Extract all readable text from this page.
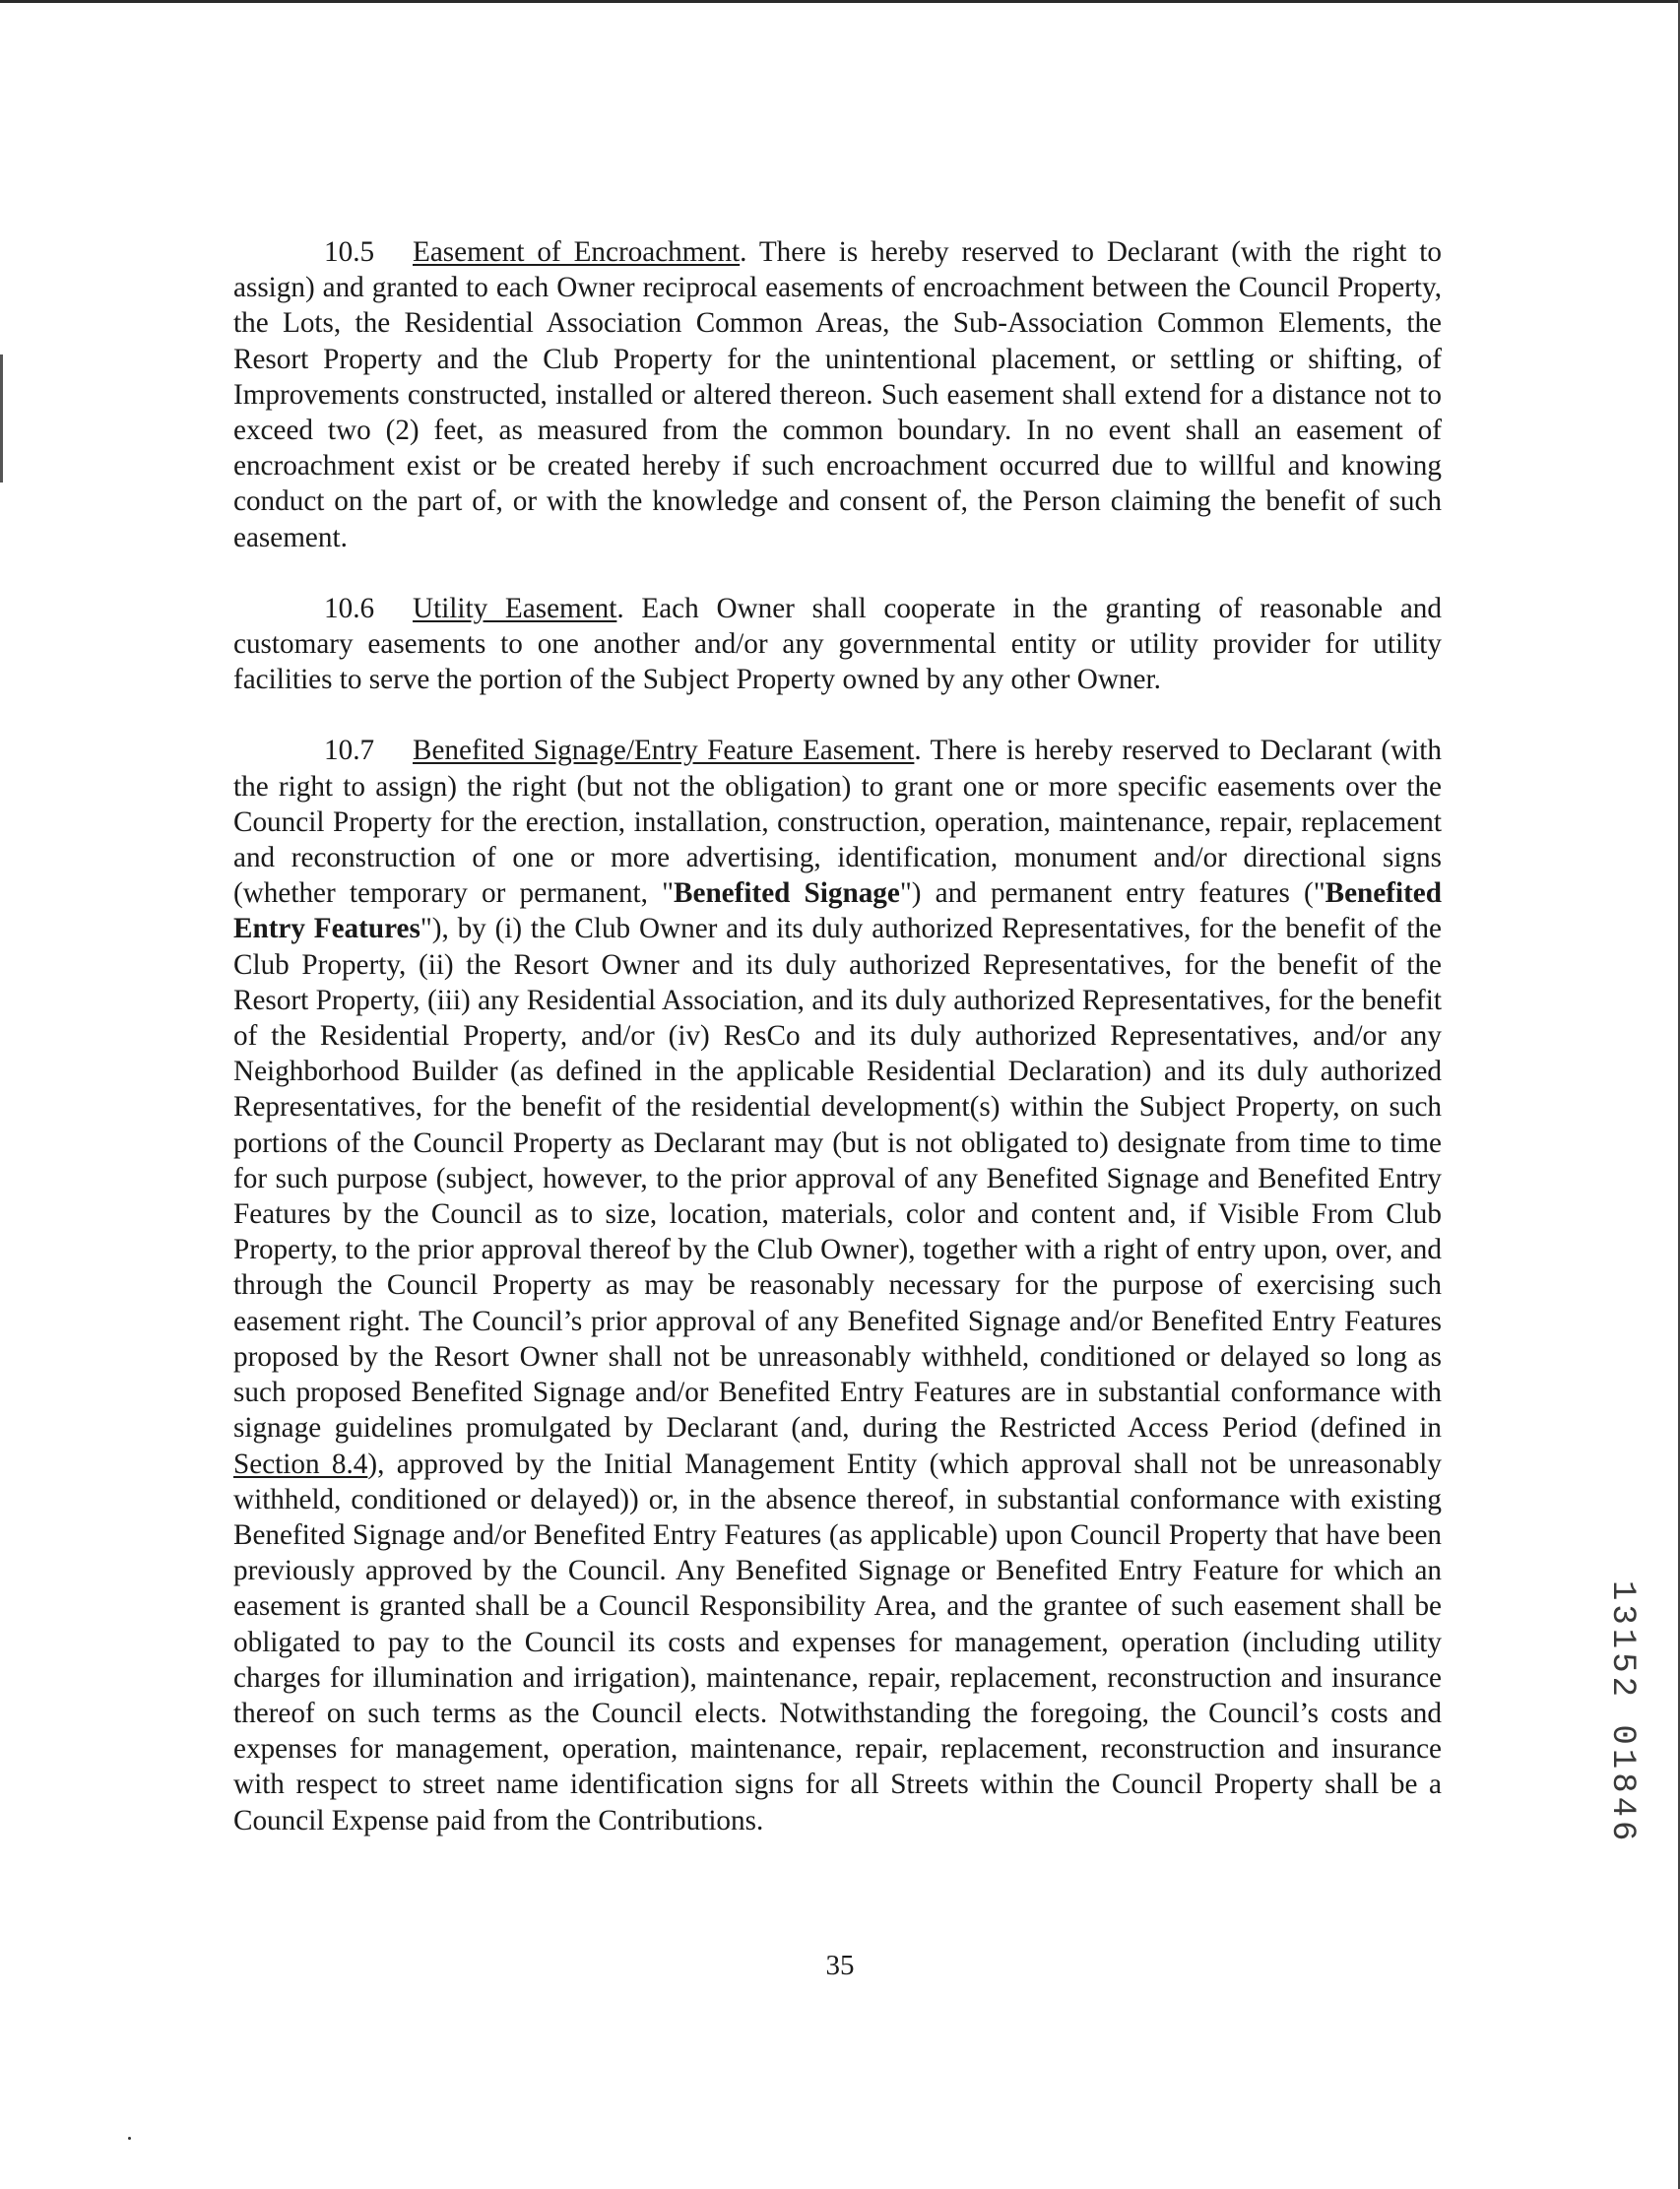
10.5 Easement of Encroachment. There is hereby reserved to Declarant (with the right to assign) and granted to each Owner reciprocal easements of encroachment between the Council Property, the Lots, the Residential Association Common Areas, the Sub-Association Common Elements, the Resort Property and the Club Property for the unintentional placement, or settling or shifting, of Improvements constructed, installed or altered thereon. Such easement shall extend for a distance not to exceed two (2) feet, as measured from the common boundary. In no event shall an easement of encroachment exist or be created hereby if such encroachment occurred due to willful and knowing conduct on the part of, or with the knowledge and consent of, the Person claiming the benefit of such easement.

10.6 Utility Easement. Each Owner shall cooperate in the granting of reasonable and customary easements to one another and/or any governmental entity or utility provider for utility facilities to serve the portion of the Subject Property owned by any other Owner.

10.7 Benefited Signage/Entry Feature Easement. There is hereby reserved to Declarant (with the right to assign) the right (but not the obligation) to grant one or more specific easements over the Council Property for the erection, installation, construction, operation, maintenance, repair, replacement and reconstruction of one or more advertising, identification, monument and/or directional signs (whether temporary or permanent, "Benefited Signage") and permanent entry features ("Benefited Entry Features"), by (i) the Club Owner and its duly authorized Representatives, for the benefit of the Club Property, (ii) the Resort Owner and its duly authorized Representatives, for the benefit of the Resort Property, (iii) any Residential Association, and its duly authorized Representatives, for the benefit of the Residential Property, and/or (iv) ResCo and its duly authorized Representatives, and/or any Neighborhood Builder (as defined in the applicable Residential Declaration) and its duly authorized Representatives, for the benefit of the residential development(s) within the Subject Property, on such portions of the Council Property as Declarant may (but is not obligated to) designate from time to time for such purpose (subject, however, to the prior approval of any Benefited Signage and Benefited Entry Features by the Council as to size, location, materials, color and content and, if Visible From Club Property, to the prior approval thereof by the Club Owner), together with a right of entry upon, over, and through the Council Property as may be reasonably necessary for the purpose of exercising such easement right. The Council’s prior approval of any Benefited Signage and/or Benefited Entry Features proposed by the Resort Owner shall not be unreasonably withheld, conditioned or delayed so long as such proposed Benefited Signage and/or Benefited Entry Features are in substantial conformance with signage guidelines promulgated by Declarant (and, during the Restricted Access Period (defined in Section 8.4), approved by the Initial Management Entity (which approval shall not be unreasonably withheld, conditioned or delayed)) or, in the absence thereof, in substantial conformance with existing Benefited Signage and/or Benefited Entry Features (as applicable) upon Council Property that have been previously approved by the Council. Any Benefited Signage or Benefited Entry Feature for which an easement is granted shall be a Council Responsibility Area, and the grantee of such easement shall be obligated to pay to the Council its costs and expenses for management, operation (including utility charges for illumination and irrigation), maintenance, repair, replacement, reconstruction and insurance thereof on such terms as the Council elects. Notwithstanding the foregoing, the Council’s costs and expenses for management, operation, maintenance, repair, replacement, reconstruction and insurance with respect to street name identification signs for all Streets within the Council Property shall be a Council Expense paid from the Contributions.

35
13152 01846
